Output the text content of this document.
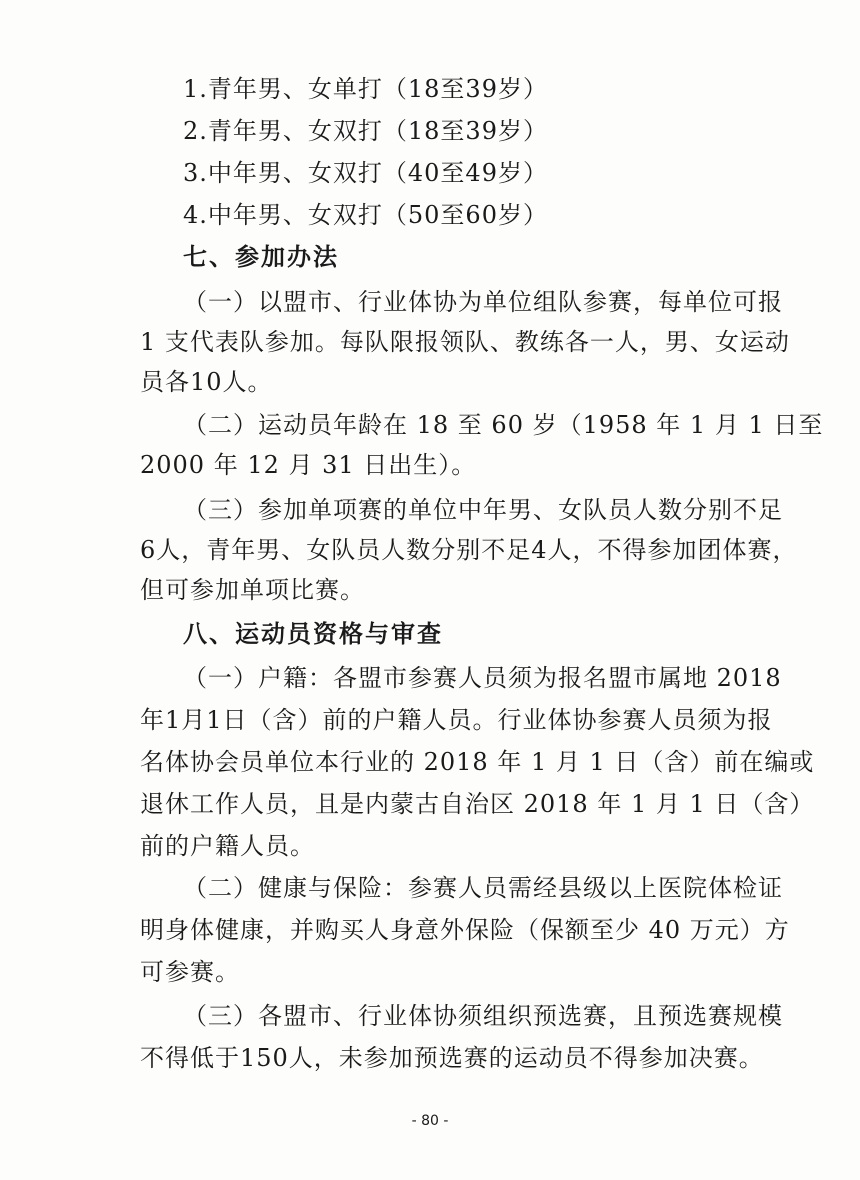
1.青年男、女单打（18至39岁）
2.青年男、女双打（18至39岁）
3.中年男、女双打（40至49岁）
4.中年男、女双打（50至60岁）
七、参加办法
（一）以盟市、行业体协为单位组队参赛，每单位可报
1 支代表队参加。每队限报领队、教练各一人，男、女运动
员各10人。
（二）运动员年龄在 18 至 60 岁（1958 年 1 月 1 日至
2000 年 12 月 31 日出生）。
（三）参加单项赛的单位中年男、女队员人数分别不足
6人，青年男、女队员人数分别不足4人，不得参加团体赛，
但可参加单项比赛。
八、运动员资格与审查
（一）户籍：各盟市参赛人员须为报名盟市属地 2018
年1月1日（含）前的户籍人员。行业体协参赛人员须为报
名体协会员单位本行业的 2018 年 1 月 1 日（含）前在编或
退休工作人员，且是内蒙古自治区 2018 年 1 月 1 日（含）
前的户籍人员。
（二）健康与保险：参赛人员需经县级以上医院体检证
明身体健康，并购买人身意外保险（保额至少 40 万元）方
可参赛。
（三）各盟市、行业体协须组织预选赛，且预选赛规模
不得低于150人，未参加预选赛的运动员不得参加决赛。
- 80 -
